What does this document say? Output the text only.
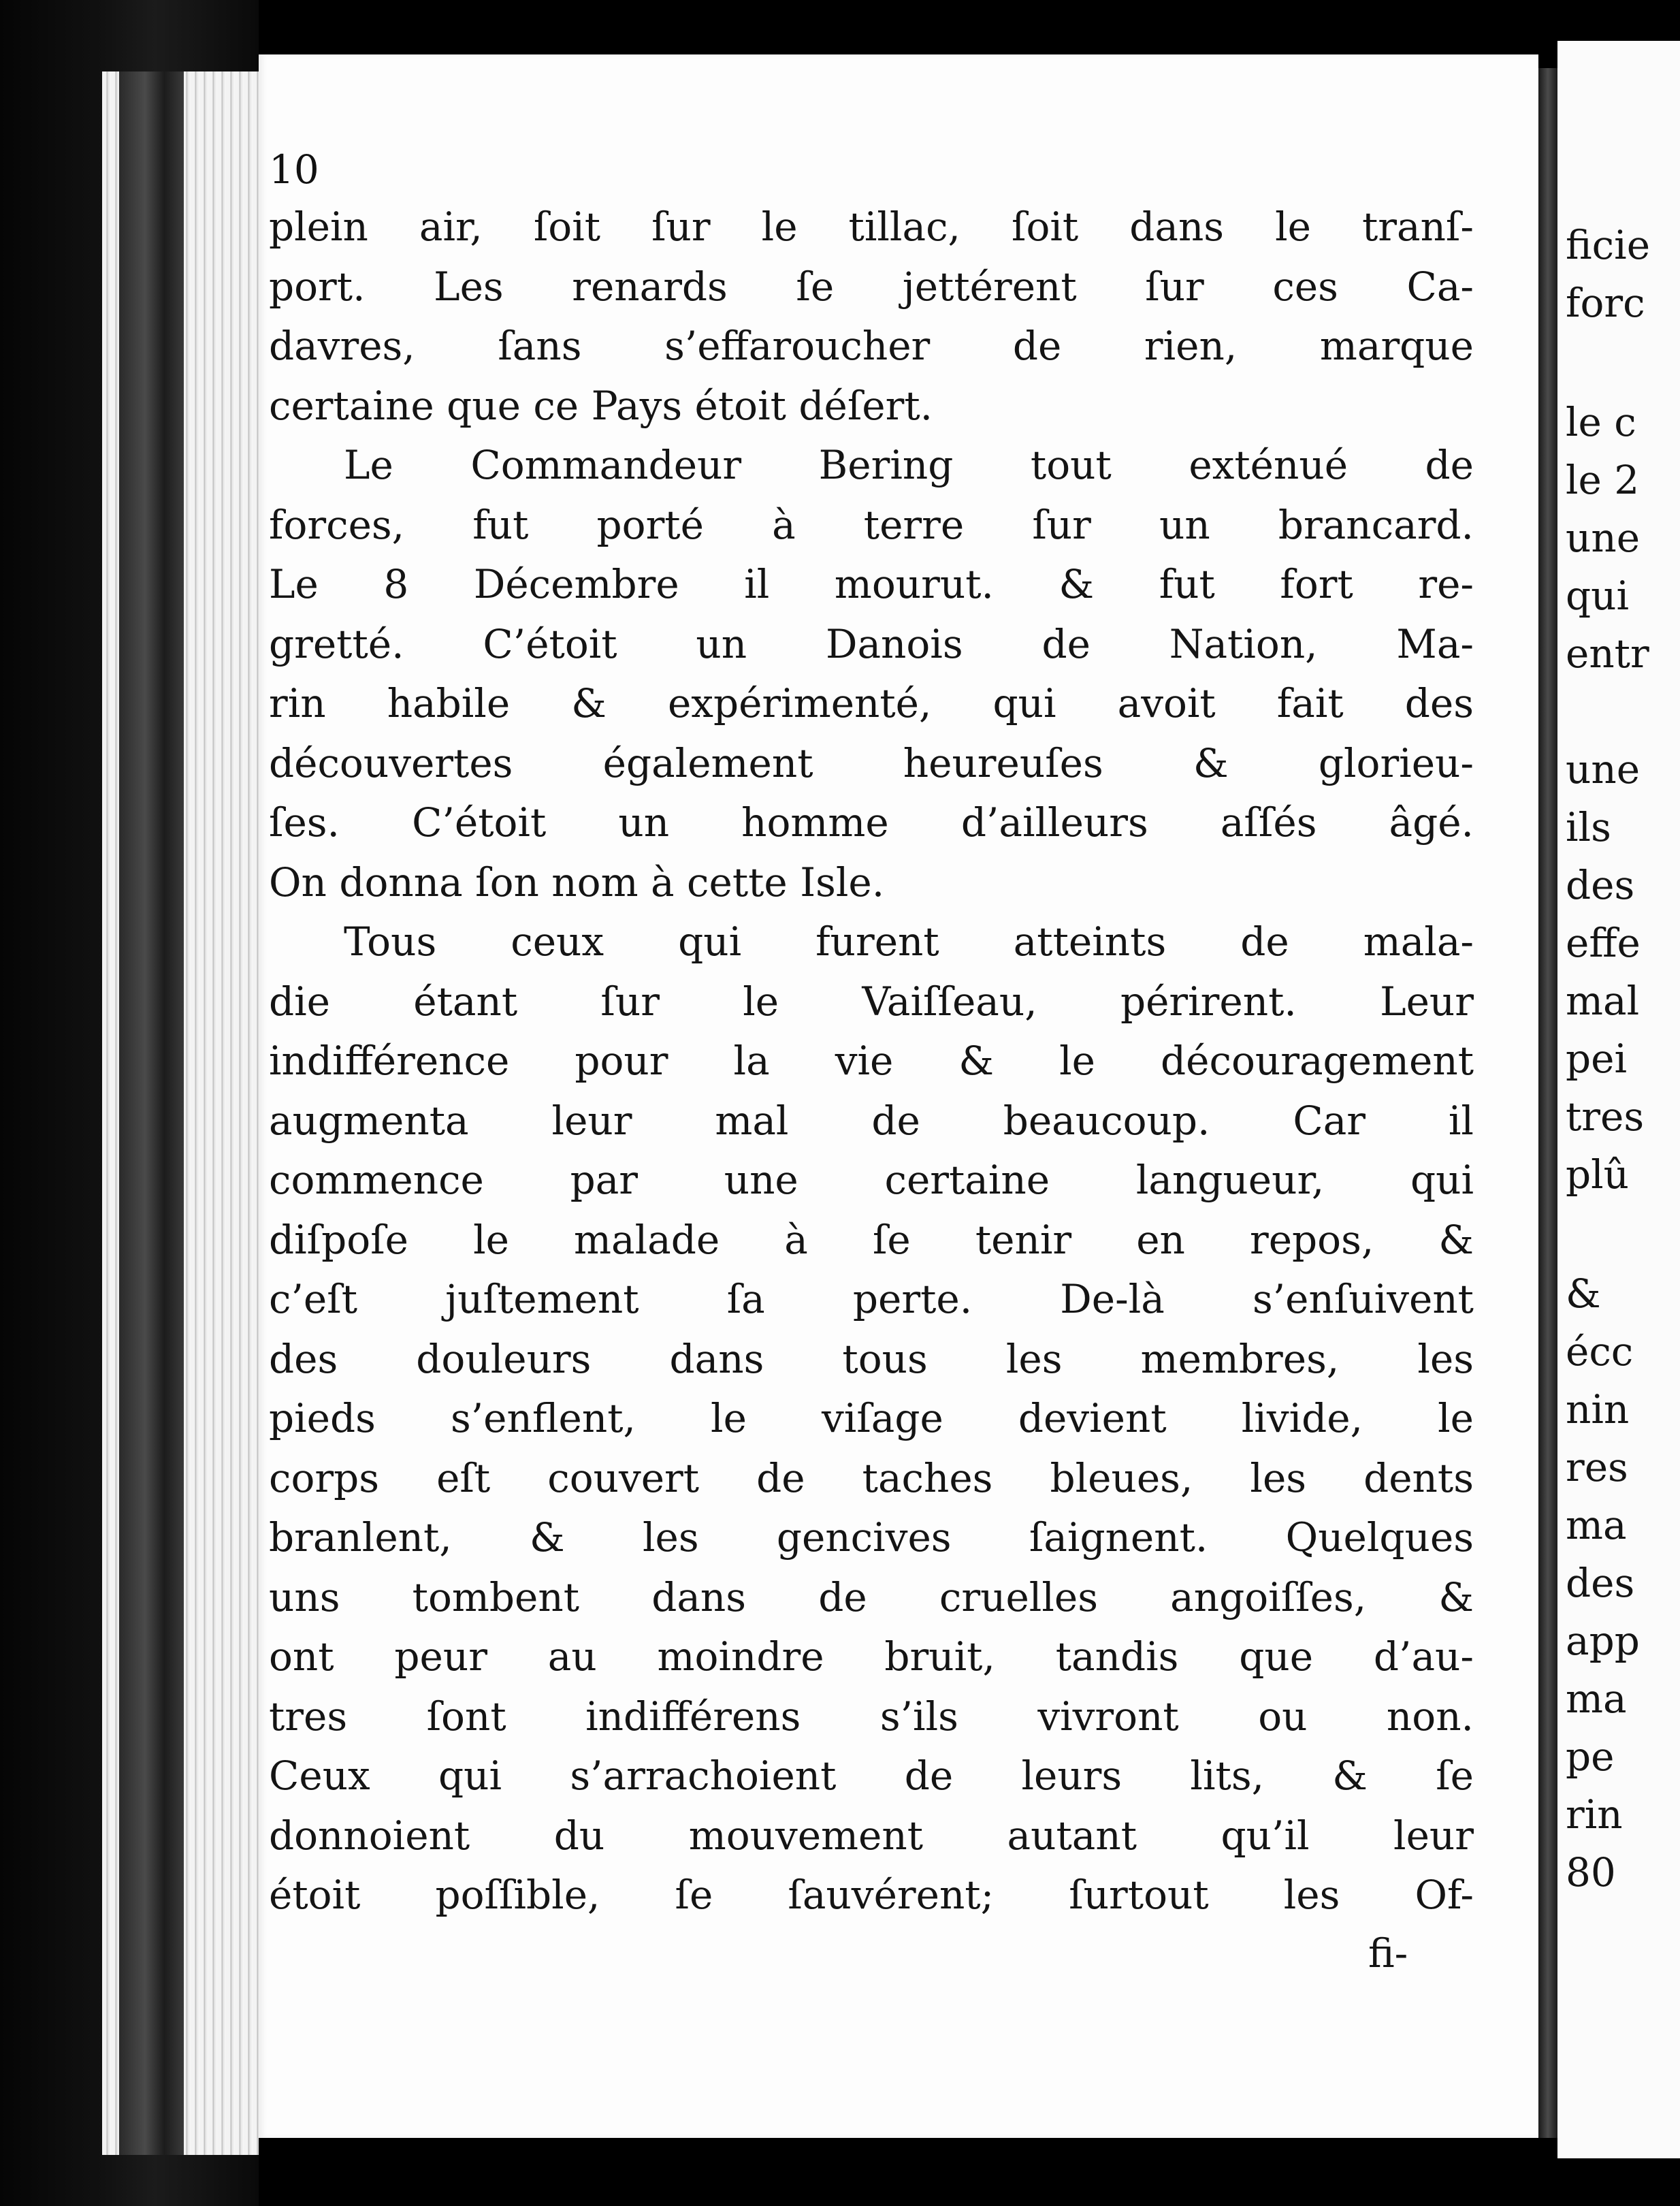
ficie
forc
le c
le 2
une
qui
entr
une
ils
des
effe
mal
pei
tres
plû
&
écc
nin
res
ma
des
app
ma
pe
rin
80

10

plein air, ſoit ſur le tillac, ſoit dans le tranſ-
port. Les renards ſe jettérent ſur ces Ca-
davres, ſans s’effaroucher de rien, marque
certaine que ce Pays étoit déſert.
Le Commandeur Bering tout exténué de
forces, fut porté à terre ſur un brancard.
Le 8 Décembre il mourut. & fut fort re-
gretté. C’étoit un Danois de Nation, Ma-
rin habile & expérimenté, qui avoit fait des
découvertes également heureuſes & glorieu-
ſes. C’étoit un homme d’ailleurs aſſés âgé.
On donna ſon nom à cette Isle.
Tous ceux qui furent atteints de mala-
die étant ſur le Vaiſſeau, périrent. Leur
indifférence pour la vie & le découragement
augmenta leur mal de beaucoup. Car il
commence par une certaine langueur, qui
diſpoſe le malade à ſe tenir en repos, &
c’eſt juſtement ſa perte. De-là s’enſuivent
des douleurs dans tous les membres, les
pieds s’enflent, le viſage devient livide, le
corps eſt couvert de taches bleues, les dents
branlent, & les gencives ſaignent. Quelques
uns tombent dans de cruelles angoiſſes, &
ont peur au moindre bruit, tandis que d’au-
tres ſont indifférens s’ils vivront ou non.
Ceux qui s’arrachoient de leurs lits, & ſe
donnoient du mouvement autant qu’il leur
étoit poſſible, ſe ſauvérent; ſurtout les Of-

fi-
